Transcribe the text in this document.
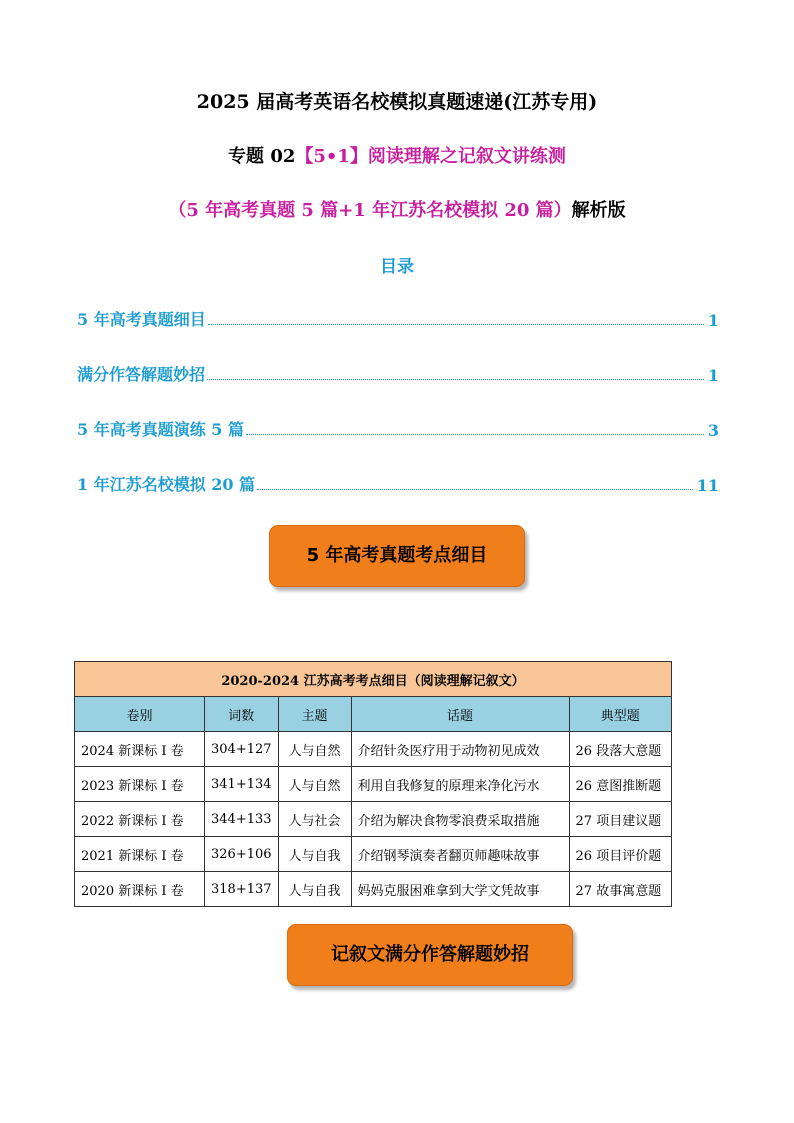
2025 届高考英语名校模拟真题速递(江苏专用)
专题 02【5•1】阅读理解之记叙文讲练测
（5 年高考真题 5 篇+1 年江苏名校模拟 20 篇）解析版
目录
5 年高考真题细目	1
满分作答解题妙招	1
5 年高考真题演练 5 篇	3
1 年江苏名校模拟 20 篇	11
5 年高考真题考点细目
2020-2024 江苏高考考点细目（阅读理解记叙文）				
卷别	词数	主题	话题	典型题
2024 新课标 I 卷	304+127	人与自然	介绍针灸医疗用于动物初见成效	26 段落大意题
2023 新课标 I 卷	341+134	人与自然	利用自我修复的原理来净化污水	26 意图推断题
2022 新课标 I 卷	344+133	人与社会	介绍为解决食物零浪费采取措施	27 项目建议题
2021 新课标 I 卷	326+106	人与自我	介绍钢琴演奏者翻页师趣味故事	26 项目评价题
2020 新课标 I 卷	318+137	人与自我	妈妈克服困难拿到大学文凭故事	27 故事寓意题
记叙文满分作答解题妙招
